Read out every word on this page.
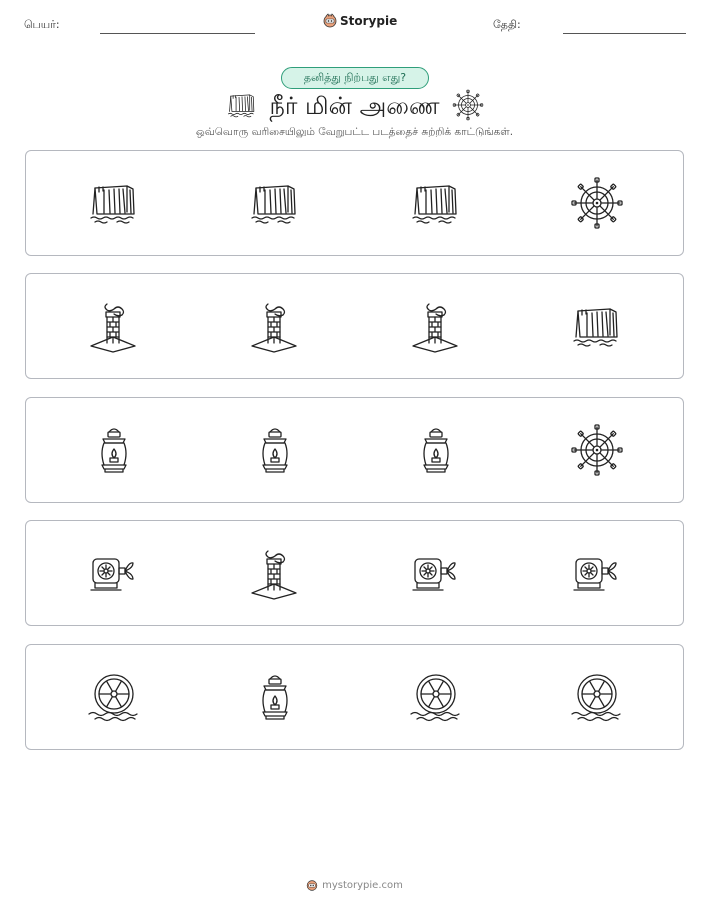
பெயர்:	Storypie	தேதி:
தனித்து நிற்பது எது?
நீர் மின் அணை
ஒவ்வொரு வரிசையிலும் வேறுபட்ட படத்தைச் சுற்றிக் காட்டுங்கள்.
mystorypie.com
